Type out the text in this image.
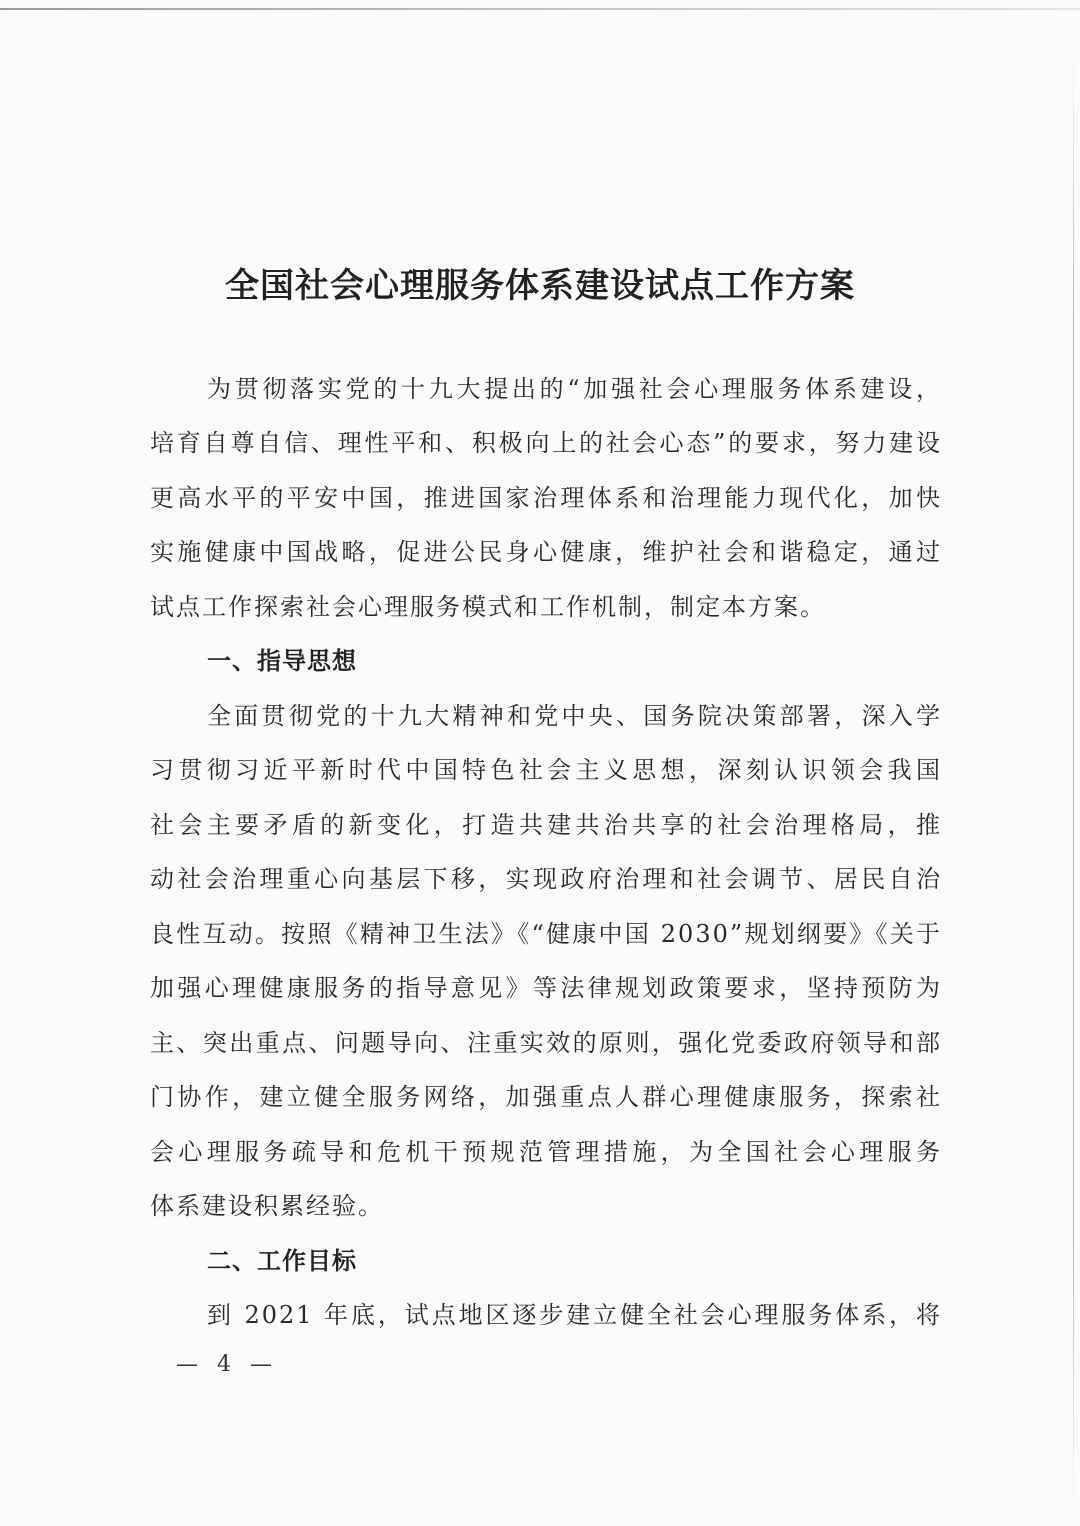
全国社会心理服务体系建设试点工作方案
为贯彻落实党的十九大提出的“加强社会心理服务体系建设，
培育自尊自信、理性平和、积极向上的社会心态”的要求，努力建设
更高水平的平安中国，推进国家治理体系和治理能力现代化，加快
实施健康中国战略，促进公民身心健康，维护社会和谐稳定，通过
试点工作探索社会心理服务模式和工作机制，制定本方案。
一、指导思想
全面贯彻党的十九大精神和党中央、国务院决策部署，深入学
习贯彻习近平新时代中国特色社会主义思想，深刻认识领会我国
社会主要矛盾的新变化，打造共建共治共享的社会治理格局，推
动社会治理重心向基层下移，实现政府治理和社会调节、居民自治
良性互动。按照《精神卫生法》《“健康中国 2030”规划纲要》《关于
加强心理健康服务的指导意见》等法律规划政策要求，坚持预防为
主、突出重点、问题导向、注重实效的原则，强化党委政府领导和部
门协作，建立健全服务网络，加强重点人群心理健康服务，探索社
会心理服务疏导和危机干预规范管理措施，为全国社会心理服务
体系建设积累经验。
二、工作目标
到 2021 年底，试点地区逐步建立健全社会心理服务体系，将
— 4 —
